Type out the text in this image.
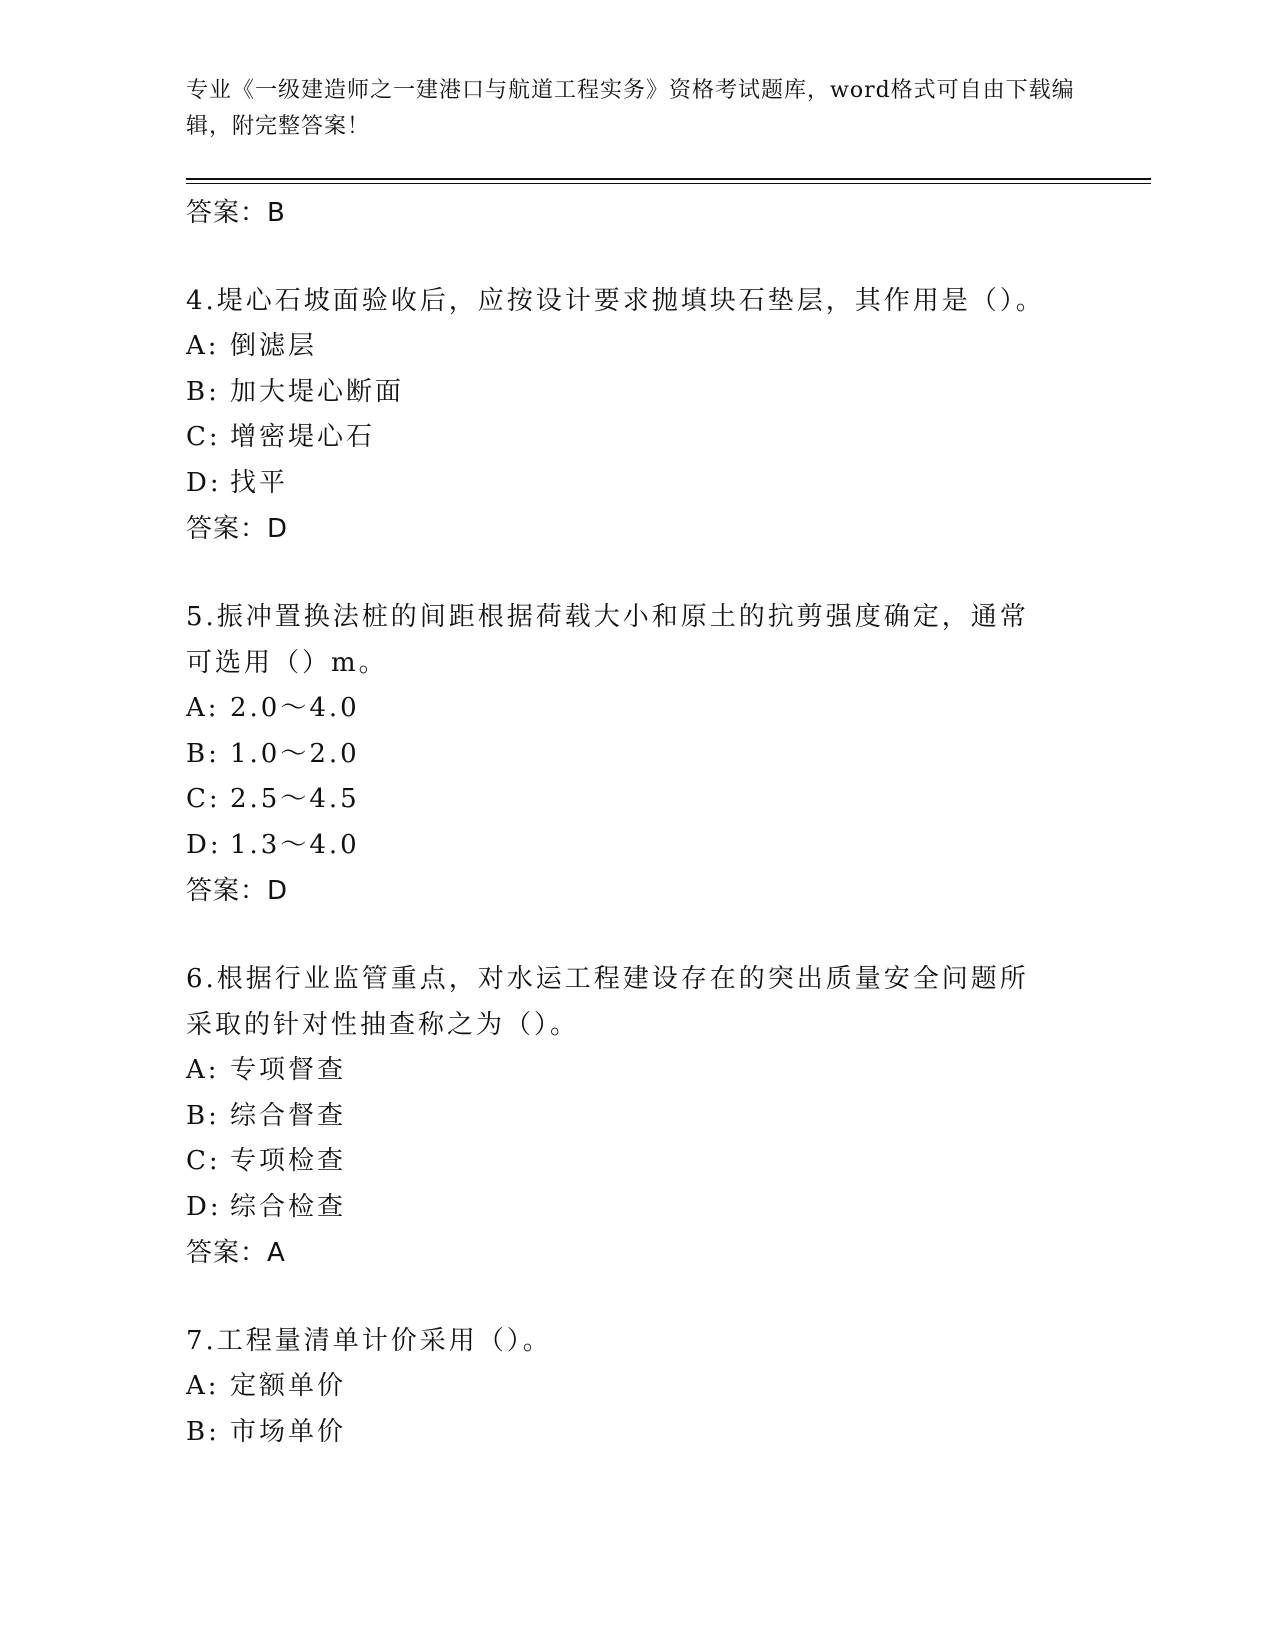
专业《一级建造师之一建港口与航道工程实务》资格考试题库，word格式可自由下载编辑，附完整答案！
答案：B
4.堤心石坡面验收后，应按设计要求抛填块石垫层，其作用是（）。
A: 倒滤层
B: 加大堤心断面
C: 增密堤心石
D: 找平
答案：D
5.振冲置换法桩的间距根据荷载大小和原土的抗剪强度确定，通常可选用（）m。
A: 2.0～4.0
B: 1.0～2.0
C: 2.5～4.5
D: 1.3～4.0
答案：D
6.根据行业监管重点，对水运工程建设存在的突出质量安全问题所采取的针对性抽查称之为（）。
A: 专项督查
B: 综合督查
C: 专项检查
D: 综合检查
答案：A
7.工程量清单计价采用（）。
A: 定额单价
B: 市场单价
